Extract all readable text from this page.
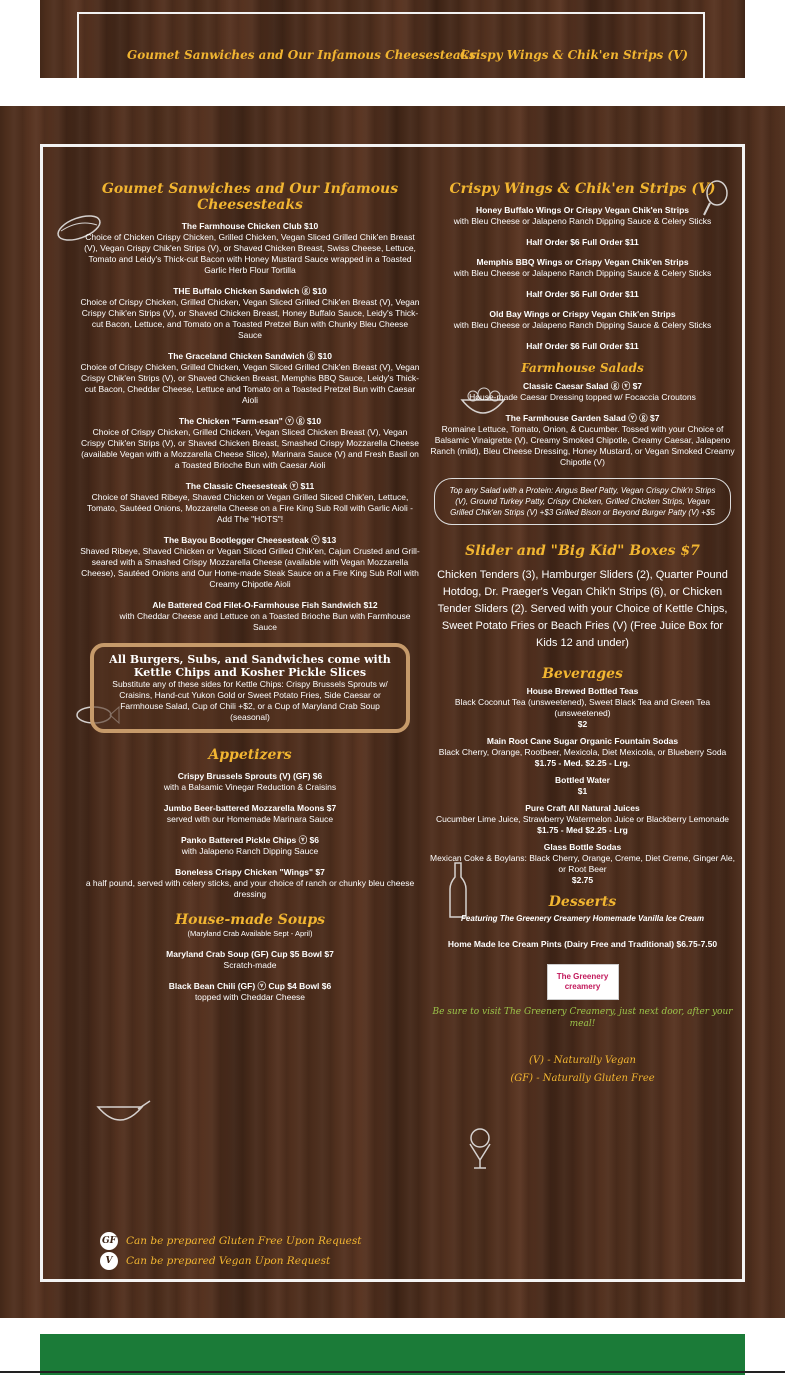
Goumet Sanwiches and Our Infamous Cheesesteaks
Crispy Wings & Chik'en Strips (V)
Goumet Sanwiches and Our Infamous Cheesesteaks
The Farmhouse Chicken Club $10
Choice of Chicken Crispy Chicken, Grilled Chicken, Vegan Sliced Grilled Chik'en Breast (V), Vegan Crispy Chik'en Strips (V), or Shaved Chicken Breast, Swiss Cheese, Lettuce, Tomato and Leidy's Thick-cut Bacon with Honey Mustard Sauce wrapped in a Toasted Garlic Herb Flour Tortilla
THE Buffalo Chicken Sandwich ⓖ $10
Choice of Crispy Chicken, Grilled Chicken, Vegan Sliced Grilled Chik'en Breast (V), Vegan Crispy Chik'en Strips (V), or Shaved Chicken Breast, Honey Buffalo Sauce, Leidy's Thick-cut Bacon, Lettuce, and Tomato on a Toasted Pretzel Bun with Chunky Bleu Cheese Sauce
The Graceland Chicken Sandwich ⓖ $10
Choice of Crispy Chicken, Grilled Chicken, Vegan Sliced Grilled Chik'en Breast (V), Vegan Crispy Chik'en Strips (V), or Shaved Chicken Breast, Memphis BBQ Sauce, Leidy's Thick-cut Bacon, Cheddar Cheese, Lettuce and Tomato on a Toasted Pretzel Bun with Caesar Aioli
The Chicken "Farm-esan" ⓥ ⓖ $10
Choice of Crispy Chicken, Grilled Chicken, Vegan Sliced Chicken Breast (V), Vegan Crispy Chik'en Strips (V), or Shaved Chicken Breast, Smashed Crispy Mozzarella Cheese (available Vegan with a Mozzarella Cheese Slice), Marinara Sauce (V) and Fresh Basil on a Toasted Brioche Bun with Caesar Aioli
The Classic Cheesesteak ⓥ $11
Choice of Shaved Ribeye, Shaved Chicken or Vegan Grilled Sliced Chik'en, Lettuce, Tomato, Sautéed Onions, Mozzarella Cheese on a Fire King Sub Roll with Garlic Aioli - Add The "HOTS"!
The Bayou Bootlegger Cheesesteak ⓥ $13
Shaved Ribeye, Shaved Chicken or Vegan Sliced Grilled Chik'en, Cajun Crusted and Grill-seared with a Smashed Crispy Mozzarella Cheese (available with Vegan Mozzarella Cheese), Sautéed Onions and Our Home-made Steak Sauce on a Fire King Sub Roll with Creamy Chipotle Aioli
Ale Battered Cod Filet-O-Farmhouse Fish Sandwich $12
with Cheddar Cheese and Lettuce on a Toasted Brioche Bun with Farmhouse Sauce
All Burgers, Subs, and Sandwiches come with Kettle Chips and Kosher Pickle Slices
Substitute any of these sides for Kettle Chips: Crispy Brussels Sprouts w/ Craisins, Hand-cut Yukon Gold or Sweet Potato Fries, Side Caesar or Farmhouse Salad, Cup of Chili +$2, or a Cup of Maryland Crab Soup (seasonal)
Appetizers
Crispy Brussels Sprouts (V) (GF) $6
with a Balsamic Vinegar Reduction & Craisins
Jumbo Beer-battered Mozzarella Moons $7
served with our Homemade Marinara Sauce
Panko Battered Pickle Chips ⓥ $6
with Jalapeno Ranch Dipping Sauce
Boneless Crispy Chicken "Wings" $7
a half pound, served with celery sticks, and your choice of ranch or chunky bleu cheese dressing
House-made Soups
(Maryland Crab Available Sept - April)
Maryland Crab Soup (GF) Cup $5 Bowl $7
Scratch-made
Black Bean Chili (GF) ⓥ Cup $4 Bowl $6
topped with Cheddar Cheese
GF Can be prepared Gluten Free Upon Request
V Can be prepared Vegan Upon Request
Crispy Wings & Chik'en Strips (V)
Honey Buffalo Wings Or Crispy Vegan Chik'en Strips
with Bleu Cheese or Jalapeno Ranch Dipping Sauce & Celery Sticks
Half Order $6 Full Order $11
Memphis BBQ Wings or Crispy Vegan Chik'en Strips
with Bleu Cheese or Jalapeno Ranch Dipping Sauce & Celery Sticks
Half Order $6 Full Order $11
Old Bay Wings or Crispy Vegan Chik'en Strips
with Bleu Cheese or Jalapeno Ranch Dipping Sauce & Celery Sticks
Half Order $6 Full Order $11
Farmhouse Salads
Classic Caesar Salad ⓖ ⓥ $7
House-made Caesar Dressing topped w/ Focaccia Croutons
The Farmhouse Garden Salad ⓥ ⓖ $7
Romaine Lettuce, Tomato, Onion, & Cucumber. Tossed with your Choice of Balsamic Vinaigrette (V), Creamy Smoked Chipotle, Creamy Caesar, Jalapeno Ranch (mild), Bleu Cheese Dressing, Honey Mustard, or Vegan Smoked Creamy Chipotle (V)
Top any Salad with a Protein: Angus Beef Patty, Vegan Crispy Chik'n Strips (V), Ground Turkey Patty, Crispy Chicken, Grilled Chicken Strips, Vegan Grilled Chik'en Strips (V) +$3 Grilled Bison or Beyond Burger Patty (V) +$5
Slider and "Big Kid" Boxes $7
Chicken Tenders (3), Hamburger Sliders (2), Quarter Pound Hotdog, Dr. Praeger's Vegan Chik'n Strips (6), or Chicken Tender Sliders (2). Served with your Choice of Kettle Chips, Sweet Potato Fries or Beach Fries (V) (Free Juice Box for Kids 12 and under)
Beverages
House Brewed Bottled Teas
Black Coconut Tea (unsweetened), Sweet Black Tea and Green Tea (unsweetened)
$2
Main Root Cane Sugar Organic Fountain Sodas
Black Cherry, Orange, Rootbeer, Mexicola, Diet Mexicola, or Blueberry Soda
$1.75 - Med. $2.25 - Lrg.
Bottled Water
$1
Pure Craft All Natural Juices
Cucumber Lime Juice, Strawberry Watermelon Juice or Blackberry Lemonade
$1.75 - Med $2.25 - Lrg
Glass Bottle Sodas
Mexican Coke & Boylans: Black Cherry, Orange, Creme, Diet Creme, Ginger Ale, or Root Beer
$2.75
Desserts
Featuring The Greenery Creamery Homemade Vanilla Ice Cream
Home Made Ice Cream Pints (Dairy Free and Traditional) $6.75-7.50
The Greenery creamery
Be sure to visit The Greenery Creamery, just next door, after your meal!
(V) - Naturally Vegan
(GF) - Naturally Gluten Free
